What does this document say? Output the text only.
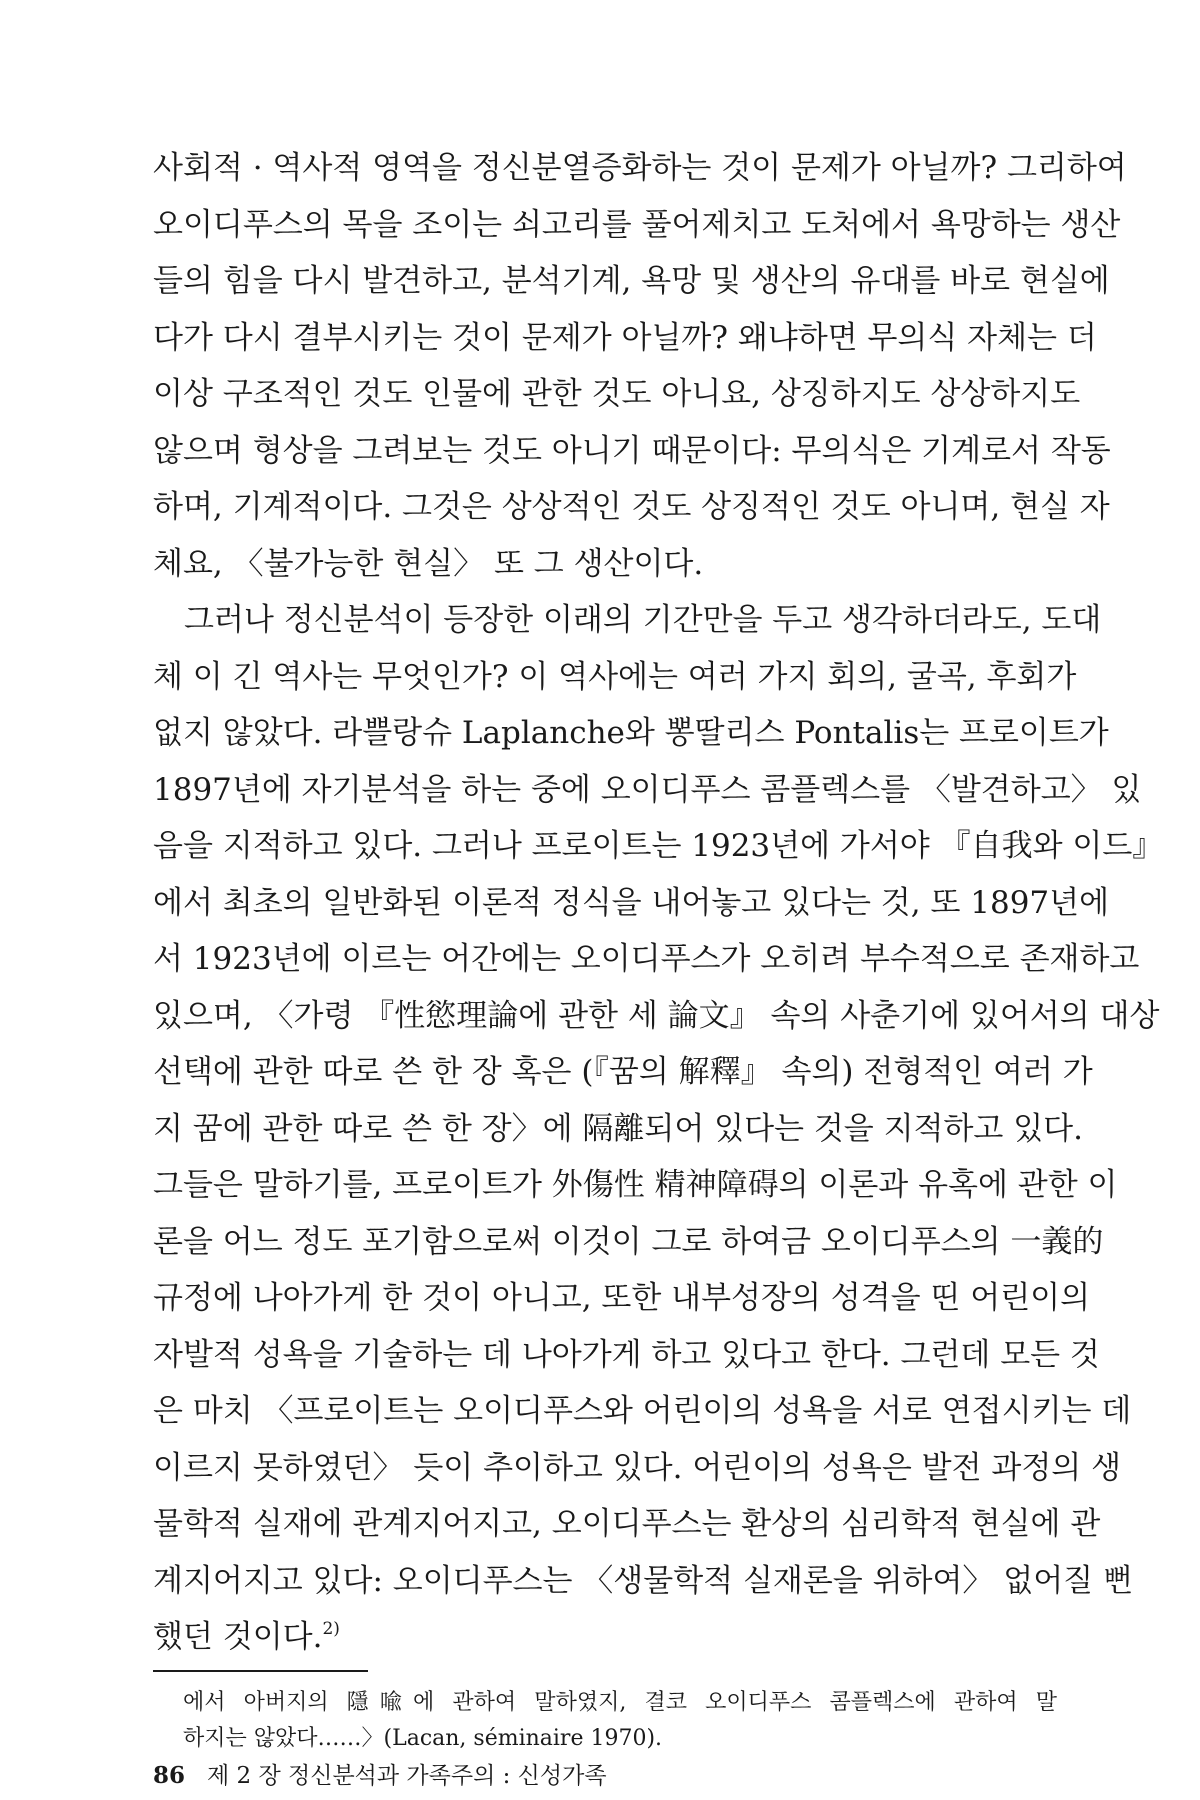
사회적 · 역사적 영역을 정신분열증화하는 것이 문제가 아닐까? 그리하여
오이디푸스의 목을 조이는 쇠고리를 풀어제치고 도처에서 욕망하는 생산
들의 힘을 다시 발견하고, 분석기계, 욕망 및 생산의 유대를 바로 현실에
다가 다시 결부시키는 것이 문제가 아닐까? 왜냐하면 무의식 자체는 더
이상 구조적인 것도 인물에 관한 것도 아니요, 상징하지도 상상하지도
않으며 형상을 그려보는 것도 아니기 때문이다: 무의식은 기계로서 작동
하며, 기계적이다. 그것은 상상적인 것도 상징적인 것도 아니며, 현실 자
체요, 〈불가능한 현실〉 또 그 생산이다.
그러나 정신분석이 등장한 이래의 기간만을 두고 생각하더라도, 도대
체 이 긴 역사는 무엇인가? 이 역사에는 여러 가지 회의, 굴곡, 후회가
없지 않았다. 라쁠랑슈 Laplanche와 뽕딸리스 Pontalis는 프로이트가
1897년에 자기분석을 하는 중에 오이디푸스 콤플렉스를 〈발견하고〉 있
음을 지적하고 있다. 그러나 프로이트는 1923년에 가서야 『自我와 이드』
에서 최초의 일반화된 이론적 정식을 내어놓고 있다는 것, 또 1897년에
서 1923년에 이르는 어간에는 오이디푸스가 오히려 부수적으로 존재하고
있으며, 〈가령 『性慾理論에 관한 세 論文』 속의 사춘기에 있어서의 대상
선택에 관한 따로 쓴 한 장 혹은 (『꿈의 解釋』 속의) 전형적인 여러 가
지 꿈에 관한 따로 쓴 한 장〉에 隔離되어 있다는 것을 지적하고 있다.
그들은 말하기를, 프로이트가 外傷性 精神障碍의 이론과 유혹에 관한 이
론을 어느 정도 포기함으로써 이것이 그로 하여금 오이디푸스의 一義的
규정에 나아가게 한 것이 아니고, 또한 내부성장의 성격을 띤 어린이의
자발적 성욕을 기술하는 데 나아가게 하고 있다고 한다. 그런데 모든 것
은 마치 〈프로이트는 오이디푸스와 어린이의 성욕을 서로 연접시키는 데
이르지 못하였던〉 듯이 추이하고 있다. 어린이의 성욕은 발전 과정의 생
물학적 실재에 관계지어지고, 오이디푸스는 환상의 심리학적 현실에 관
계지어지고 있다: 오이디푸스는 〈생물학적 실재론을 위하여〉 없어질 뻔
했던 것이다.$^{2)}$
에서 아버지의 隱喩에 관하여 말하였지, 결코 오이디푸스 콤플렉스에 관하여 말
하지는 않았다……〉(Lacan, séminaire 1970).
86 제 2 장 정신분석과 가족주의 : 신성가족
